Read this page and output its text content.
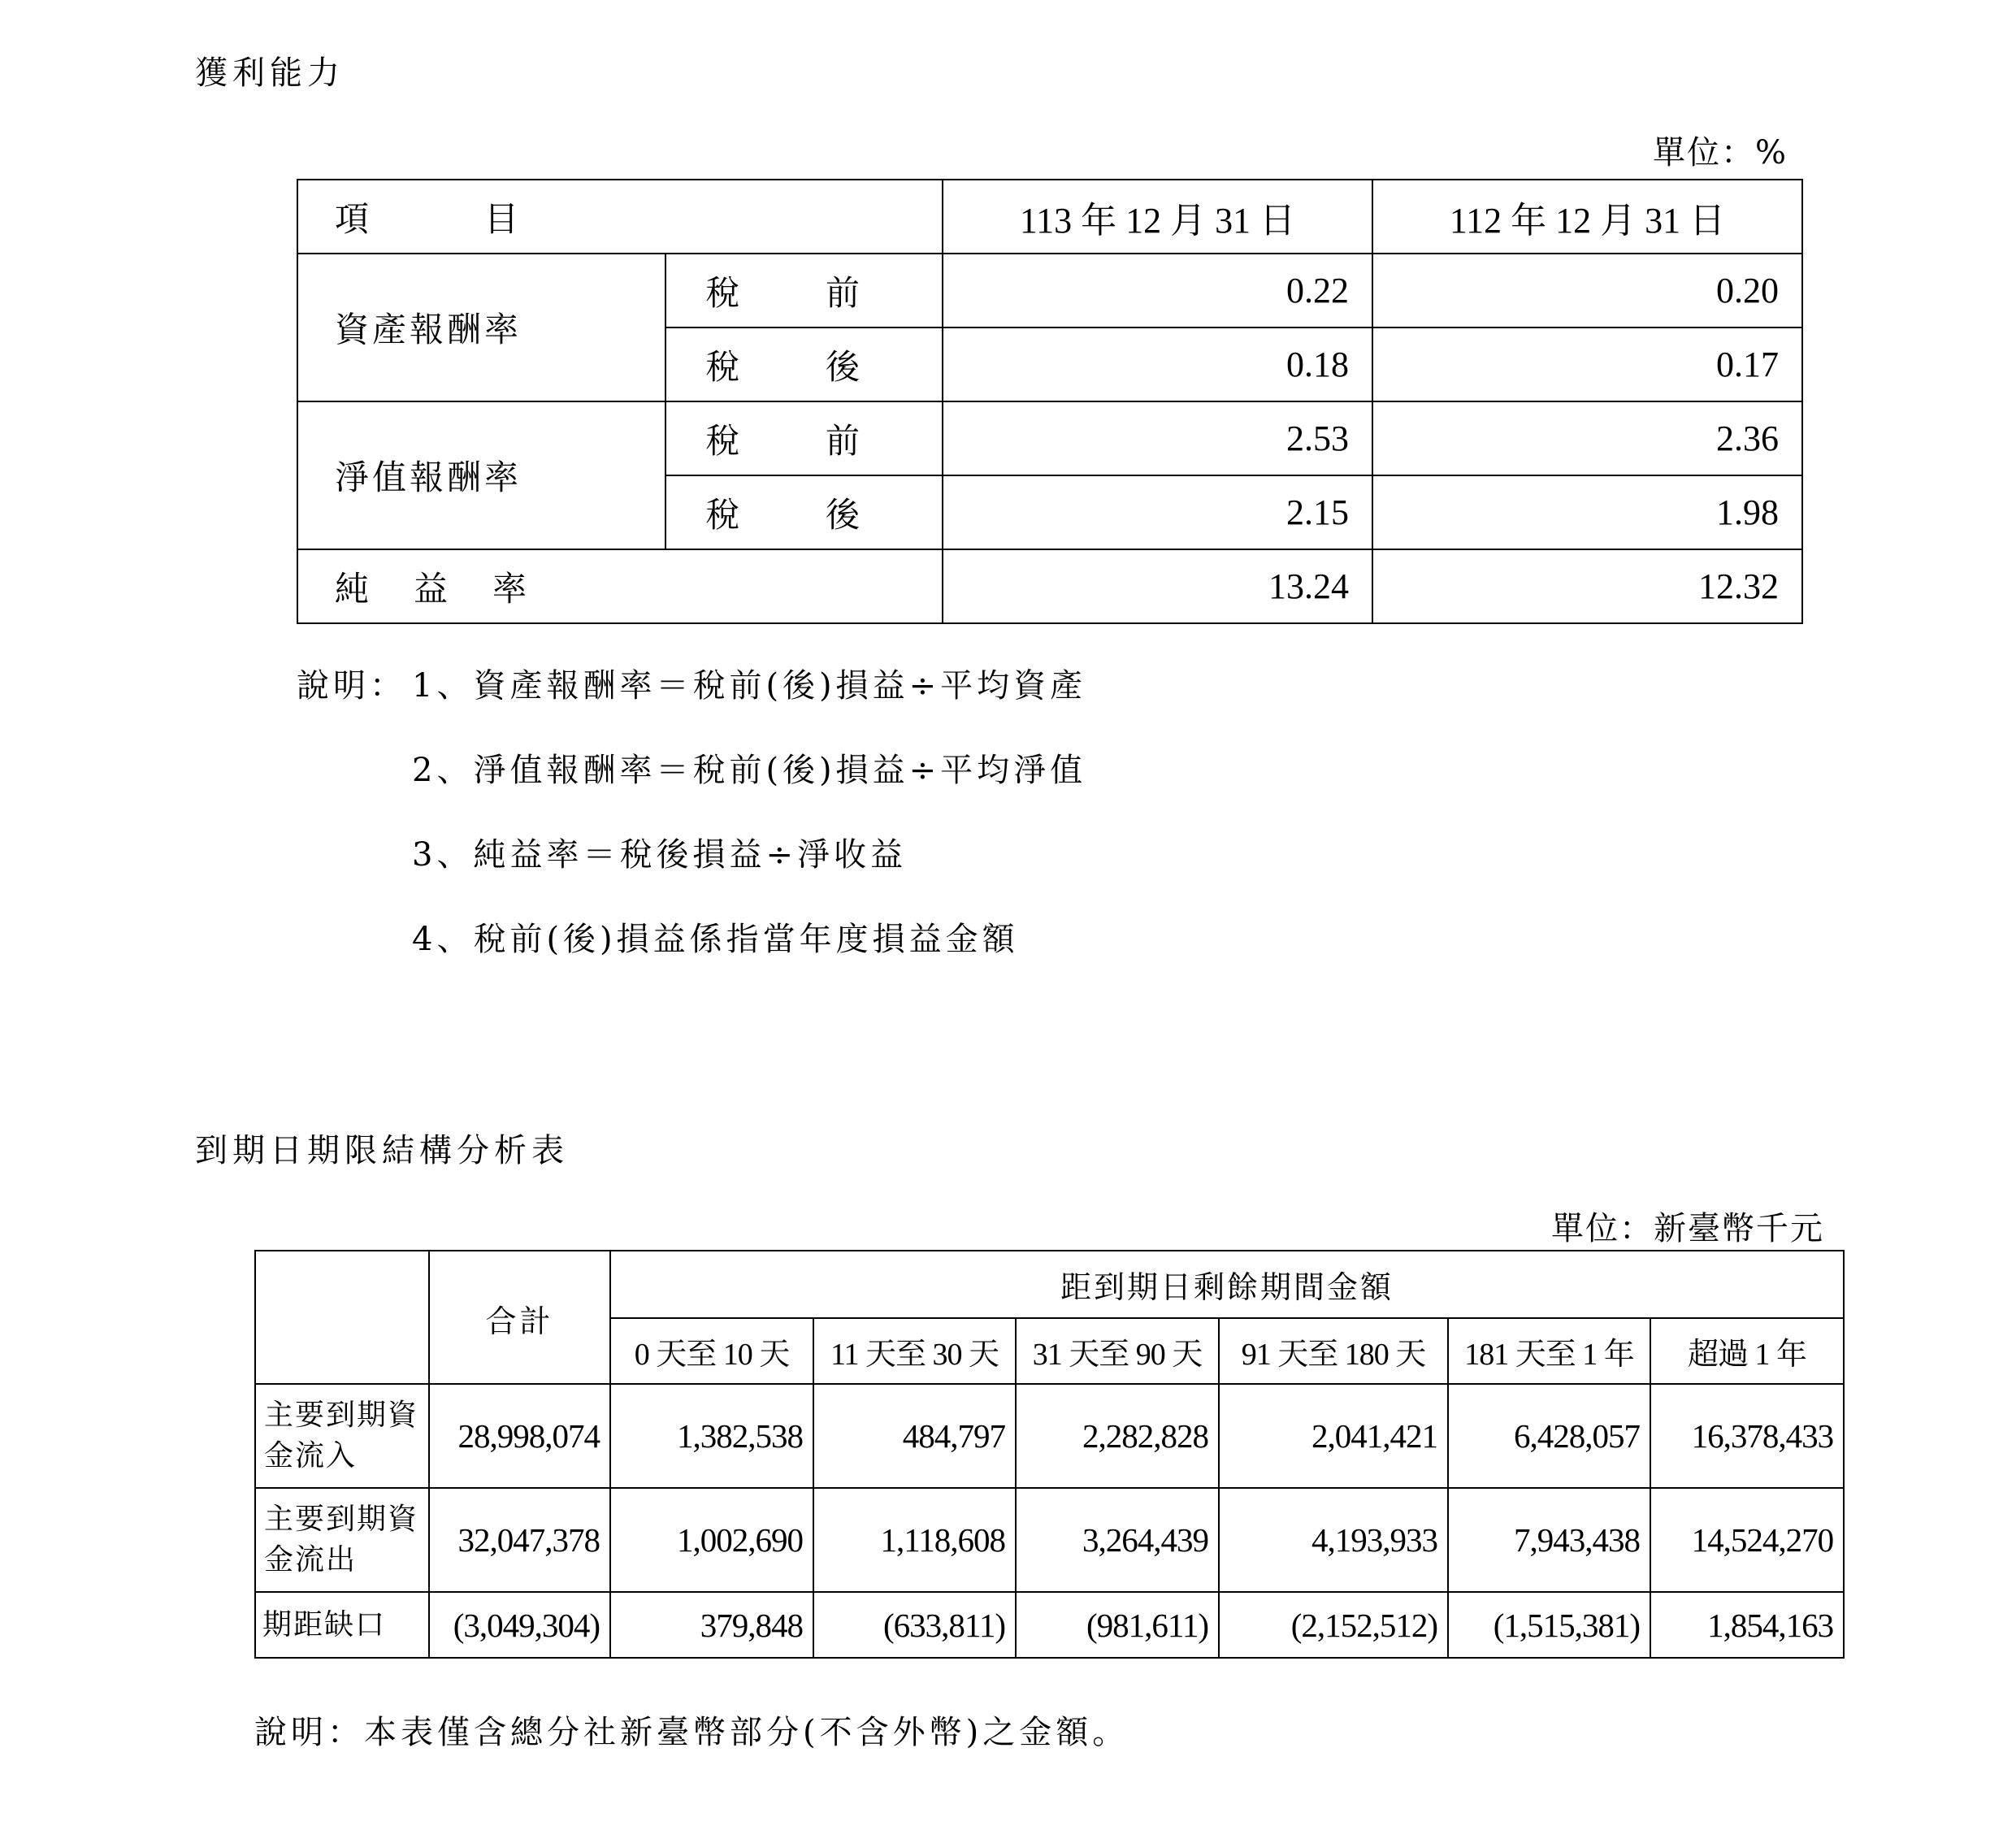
獲利能力
單位：%
項 目		113 年 12 月 31 日	112 年 12 月 31 日
資產報酬率	稅 前	0.22	0.20

	稅 後	0.18	0.17
淨值報酬率	稅 前	2.53	2.36

	稅 後	2.15	1.98

純 益 率		13.24	12.32
說明： 1、資產報酬率＝稅前(後)損益÷平均資產
2、淨值報酬率＝稅前(後)損益÷平均淨值
3、純益率＝稅後損益÷淨收益
4、稅前(後)損益係指當年度損益金額
到期日期限結構分析表
單位：新臺幣千元
	合計	距到期日剩餘期間金額					
		0 天至 10 天	11 天至 30 天	31 天至 90 天	91 天至 180 天	181 天至 1 年	超過 1 年
主要到期資金流入	28,998,074	1,382,538	484,797	2,282,828	2,041,421	6,428,057	16,378,433
主要到期資金流出	32,047,378	1,002,690	1,118,608	3,264,439	4,193,933	7,943,438	14,524,270
期距缺口	(3,049,304)	379,848	(633,811)	(981,611)	(2,152,512)	(1,515,381)	1,854,163
說明：本表僅含總分社新臺幣部分(不含外幣)之金額。
